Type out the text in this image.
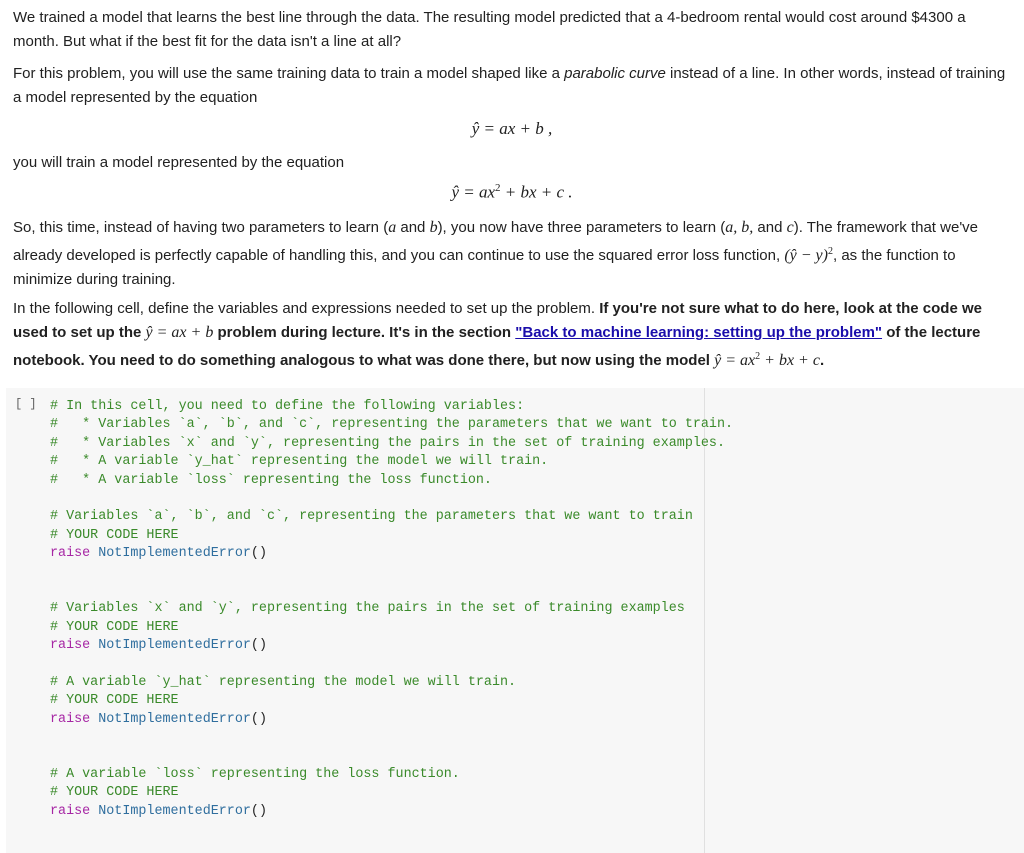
We trained a model that learns the best line through the data. The resulting model predicted that a 4-bedroom rental would cost around $4300 a month. But what if the best fit for the data isn't a line at all?

For this problem, you will use the same training data to train a model shaped like a parabolic curve instead of a line. In other words, instead of training a model represented by the equation

ŷ = ax + b ,

you will train a model represented by the equation

ŷ = $ax^2$ + bx + c .

So, this time, instead of having two parameters to learn (a and b), you now have three parameters to learn (a, b, and c). The framework that we've already developed is perfectly capable of handling this, and you can continue to use the squared error loss function, (ŷ − y)$^2$, as the function to minimize during training.

In the following cell, define the variables and expressions needed to set up the problem. If you're not sure what to do here, look at the code we used to set up the ŷ = ax + b problem during lecture. It's in the section "Back to machine learning: setting up the problem" of the lecture notebook. You need to do something analogous to what was done there, but now using the model ŷ = $ax^2$ + bx + c.

[ ] # In this cell, you need to define the following variables:
#   * Variables `a`, `b`, and `c`, representing the parameters that we want to train.
#   * Variables `x` and `y`, representing the pairs in the set of training examples.
#   * A variable `y_hat` representing the model we will train.
#   * A variable `loss` representing the loss function.
# Variables `a`, `b`, and `c`, representing the parameters that we want to train
# YOUR CODE HERE
raise NotImplementedError()
# Variables `x` and `y`, representing the pairs in the set of training examples
# YOUR CODE HERE
raise NotImplementedError()
# A variable `y_hat` representing the model we will train.
# YOUR CODE HERE
raise NotImplementedError()
# A variable `loss` representing the loss function.
# YOUR CODE HERE
raise NotImplementedError()
